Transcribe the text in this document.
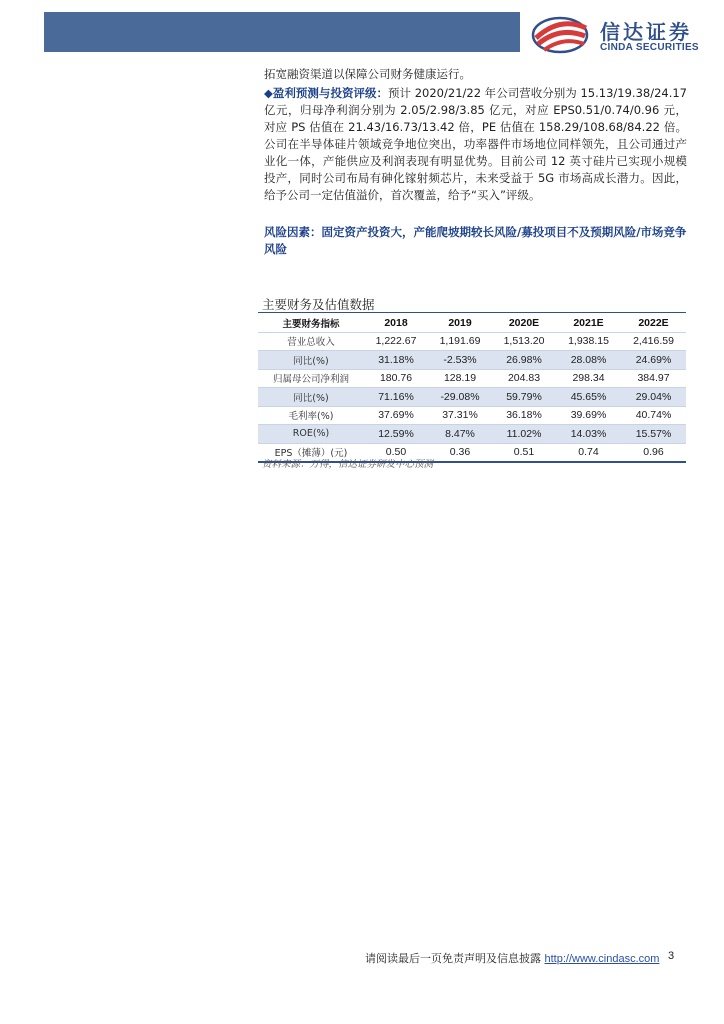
信达证券
CINDA SECURITIES
拓宽融资渠道以保障公司财务健康运行。
◆盈利预测与投资评级：预计 2020/21/22 年公司营收分别为 15.13/19.38/24.17 亿元，归母净利润分别为 2.05/2.98/3.85 亿元，对应 EPS0.51/0.74/0.96 元，对应 PS 估值在 21.43/16.73/13.42 倍，PE 估值在 158.29/108.68/84.22 倍。公司在半导体硅片领域竞争地位突出，功率器件市场地位同样领先，且公司通过产业化一体，产能供应及利润表现有明显优势。目前公司 12 英寸硅片已实现小规模投产，同时公司布局有砷化镓射频芯片，未来受益于 5G 市场高成长潜力。因此，给予公司一定估值溢价，首次覆盖，给予“买入”评级。
风险因素：固定资产投资大，产能爬坡期较长风险/募投项目不及预期风险/市场竞争风险
主要财务及估值数据
主要财务指标	2018	2019	2020E	2021E	2022E
营业总收入	1,222.67	1,191.69	1,513.20	1,938.15	2,416.59
同比(%)	31.18%	-2.53%	26.98%	28.08%	24.69%
归属母公司净利润	180.76	128.19	204.83	298.34	384.97
同比(%)	71.16%	-29.08%	59.79%	45.65%	29.04%
毛利率(%)	37.69%	37.31%	36.18%	39.69%	40.74%
ROE(%)	12.59%	8.47%	11.02%	14.03%	15.57%
EPS（摊薄）(元)	0.50	0.36	0.51	0.74	0.96
资料来源：万得，信达证券研发中心预测
请阅读最后一页免责声明及信息披露 http://www.cindasc.com 3
